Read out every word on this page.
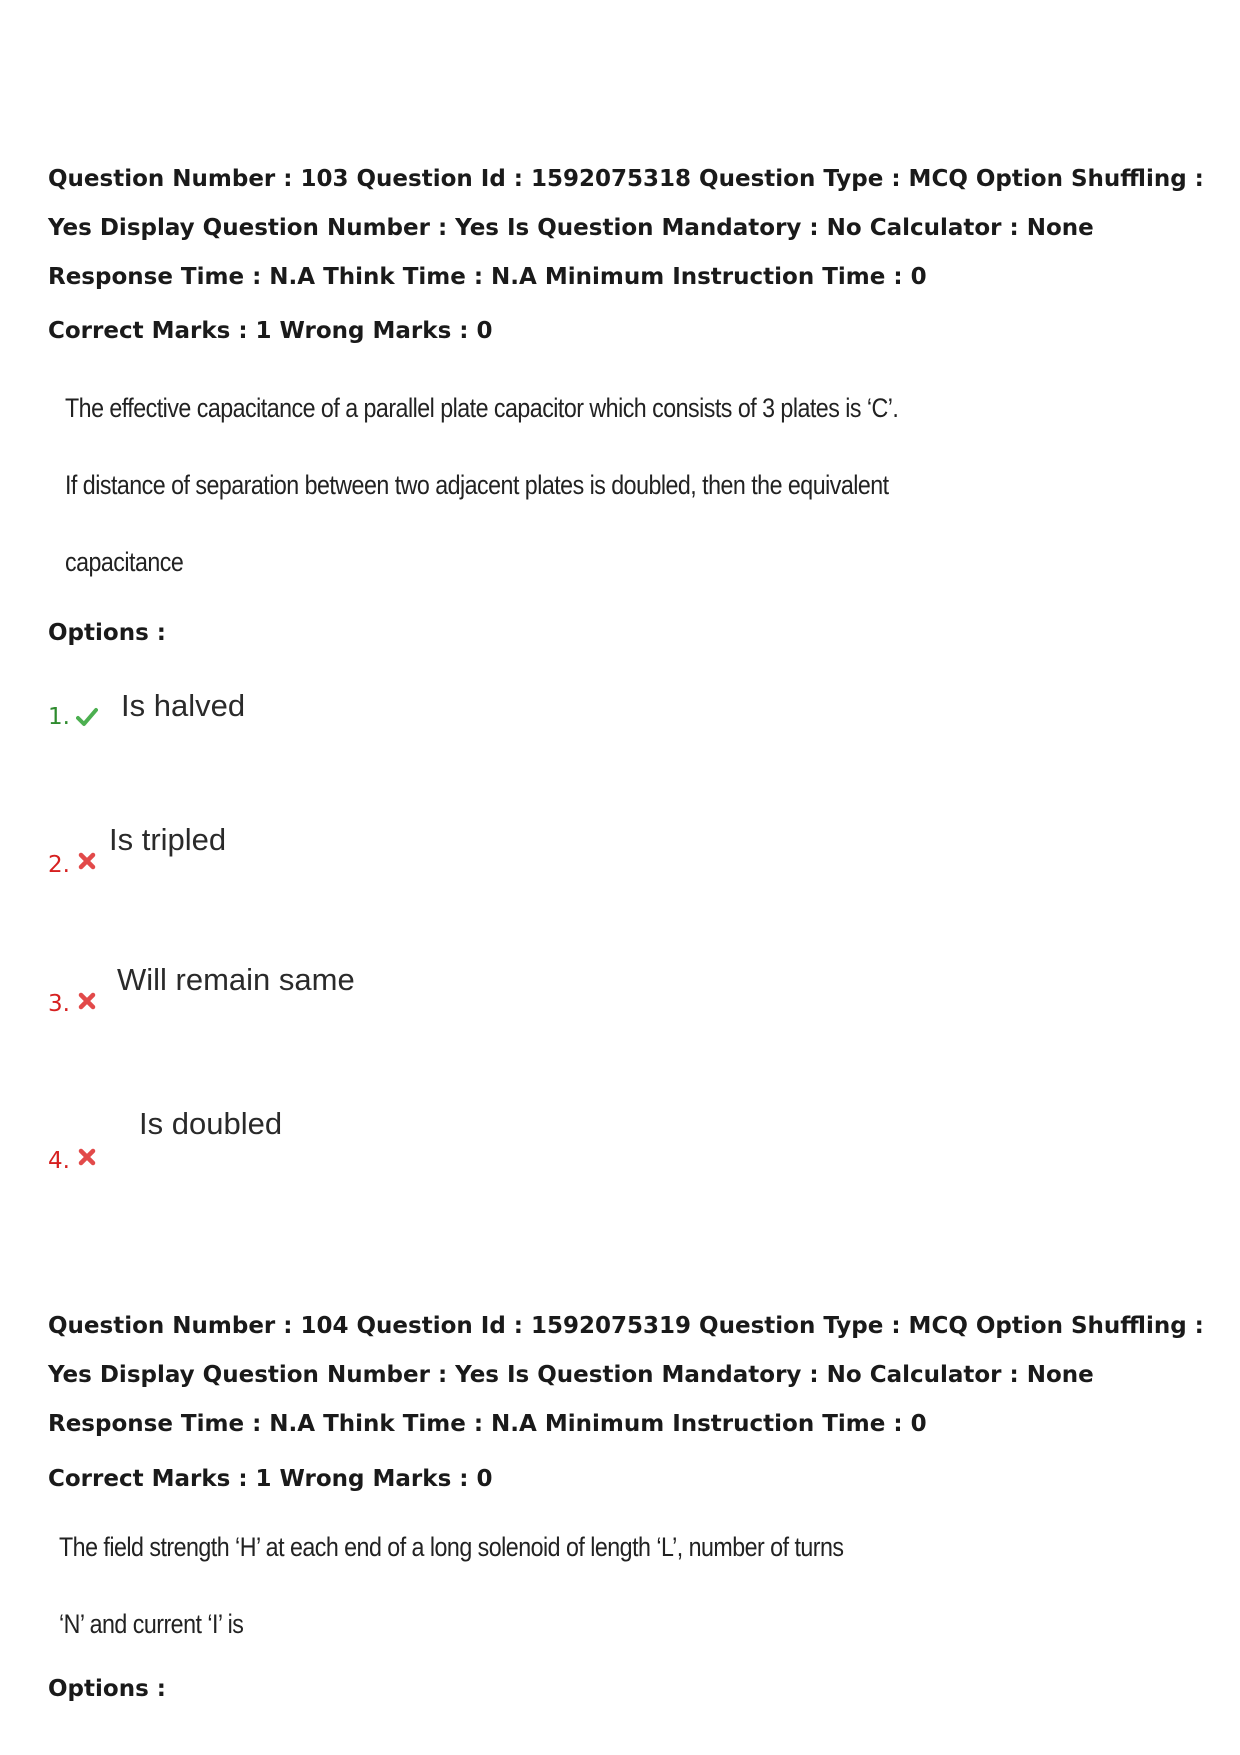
Question Number : 103 Question Id : 1592075318 Question Type : MCQ Option Shuffling : Yes Display Question Number : Yes Is Question Mandatory : No Calculator : None Response Time : N.A Think Time : N.A Minimum Instruction Time : 0

Correct Marks : 1 Wrong Marks : 0

The effective capacitance of a parallel plate capacitor which consists of 3 plates is ‘C’.

If distance of separation between two adjacent plates is doubled, then the equivalent

capacitance

Options :

1. Is halved
2.
Is tripled
3.
Will remain same
4.
Is doubled

Question Number : 104 Question Id : 1592075319 Question Type : MCQ Option Shuffling : Yes Display Question Number : Yes Is Question Mandatory : No Calculator : None Response Time : N.A Think Time : N.A Minimum Instruction Time : 0

Correct Marks : 1 Wrong Marks : 0

The field strength ‘H’ at each end of a long solenoid of length ‘L’, number of turns

‘N’ and current ‘I’ is

Options :
